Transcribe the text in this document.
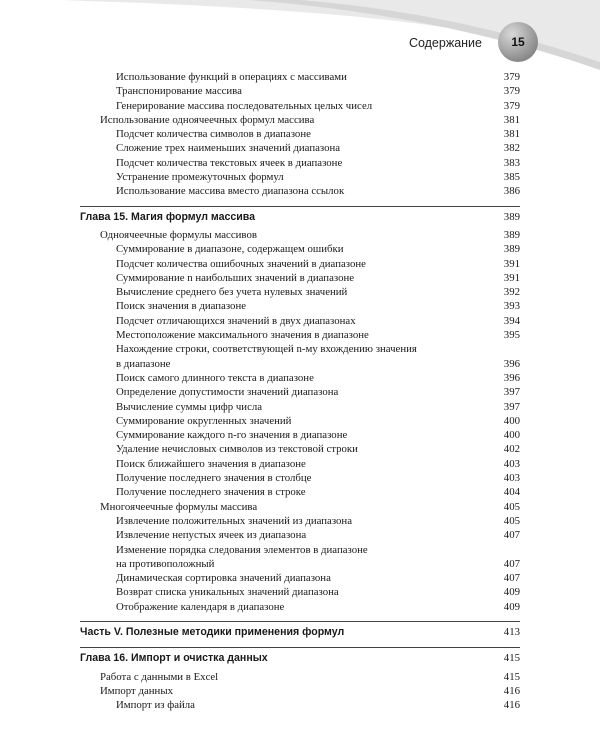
Содержание	15
Использование функций в операциях с массивами	379
Транспонирование массива	379
Генерирование массива последовательных целых чисел	379
Использование одноячеечных формул массива	381
Подсчет количества символов в диапазоне	381
Сложение трех наименьших значений диапазона	382
Подсчет количества текстовых ячеек в диапазоне	383
Устранение промежуточных формул	385
Использование массива вместо диапазона ссылок	386
Глава 15. Магия формул массива	389
Одноячеечные формулы массивов	389
Суммирование в диапазоне, содержащем ошибки	389
Подсчет количества ошибочных значений в диапазоне	391
Суммирование n наибольших значений в диапазоне	391
Вычисление среднего без учета нулевых значений	392
Поиск значения в диапазоне	393
Подсчет отличающихся значений в двух диапазонах	394
Местоположение максимального значения в диапазоне	395
Нахождение строки, соответствующей n-му вхождению значения
в диапазоне	396
Поиск самого длинного текста в диапазоне	396
Определение допустимости значений диапазона	397
Вычисление суммы цифр числа	397
Суммирование округленных значений	400
Суммирование каждого n-го значения в диапазоне	400
Удаление нечисловых символов из текстовой строки	402
Поиск ближайшего значения в диапазоне	403
Получение последнего значения в столбце	403
Получение последнего значения в строке	404
Многоячеечные формулы массива	405
Извлечение положительных значений из диапазона	405
Извлечение непустых ячеек из диапазона	407
Изменение порядка следования элементов в диапазоне
на противоположный	407
Динамическая сортировка значений диапазона	407
Возврат списка уникальных значений диапазона	409
Отображение календаря в диапазоне	409
Часть V. Полезные методики применения формул	413
Глава 16. Импорт и очистка данных	415
Работа с данными в Excel	415
Импорт данных	416
Импорт из файла	416
